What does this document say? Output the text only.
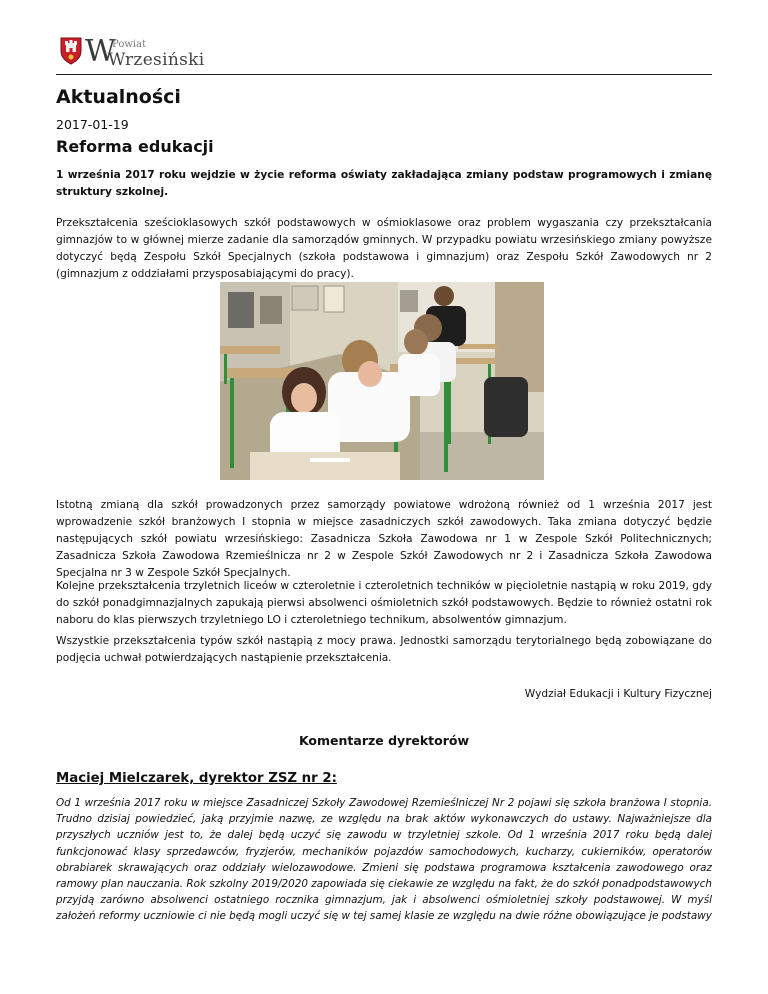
W
Powiat
Wrzesiński
Aktualności
2017-01-19
Reforma edukacji

1 września 2017 roku wejdzie w życie reforma oświaty zakładająca zmiany podstaw programowych i zmianę struktury szkolnej.

Przekształcenia sześcioklasowych szkół podstawowych w ośmioklasowe oraz problem wygaszania czy przekształcania gimnazjów to w głównej mierze zadanie dla samorządów gminnych. W przypadku powiatu wrzesińskiego zmiany powyższe dotyczyć będą Zespołu Szkół Specjalnych (szkoła podstawowa i gimnazjum) oraz Zespołu Szkół Zawodowych nr 2 (gimnazjum z oddziałami przysposabiającymi do pracy).

Istotną zmianą dla szkół prowadzonych przez samorządy powiatowe wdrożoną również od 1 września 2017 jest wprowadzenie szkół branżowych I stopnia w miejsce zasadniczych szkół zawodowych. Taka zmiana dotyczyć będzie następujących szkół powiatu wrzesińskiego: Zasadnicza Szkoła Zawodowa nr 1 w Zespole Szkół Politechnicznych; Zasadnicza Szkoła Zawodowa Rzemieślnicza nr 2 w Zespole Szkół Zawodowych nr 2 i Zasadnicza Szkoła Zawodowa Specjalna nr 3 w Zespole Szkół Specjalnych.

Kolejne przekształcenia trzyletnich liceów w czteroletnie i czteroletnich techników w pięcioletnie nastąpią w roku 2019, gdy do szkół ponadgimnazjalnych zapukają pierwsi absolwenci ośmioletnich szkół podstawowych. Będzie to również ostatni rok naboru do klas pierwszych trzyletniego LO i czteroletniego technikum, absolwentów gimnazjum.

Wszystkie przekształcenia typów szkół nastąpią z mocy prawa. Jednostki samorządu terytorialnego będą zobowiązane do podjęcia uchwał potwierdzających nastąpienie przekształcenia.

Wydział Edukacji i Kultury Fizycznej
Komentarze dyrektorów
Maciej Mielczarek, dyrektor ZSZ nr 2:

Od 1 września 2017 roku w miejsce Zasadniczej Szkoły Zawodowej Rzemieślniczej Nr 2 pojawi się szkoła branżowa I stopnia. Trudno dzisiaj powiedzieć, jaką przyjmie nazwę, ze względu na brak aktów wykonawczych do ustawy. Najważniejsze dla przyszłych uczniów jest to, że dalej będą uczyć się zawodu w trzyletniej szkole. Od 1 września 2017 roku będą dalej funkcjonować klasy sprzedawców, fryzjerów, mechaników pojazdów samochodowych, kucharzy, cukierników, operatorów obrabiarek skrawających oraz oddziały wielozawodowe. Zmieni się podstawa programowa kształcenia zawodowego oraz ramowy plan nauczania. Rok szkolny 2019/2020 zapowiada się ciekawie ze względu na fakt, że do szkół ponadpodstawowych przyjdą zarówno absolwenci ostatniego rocznika gimnazjum, jak i absolwenci ośmioletniej szkoły podstawowej. W myśl założeń reformy uczniowie ci nie będą mogli uczyć się w tej samej klasie ze względu na dwie różne obowiązujące je podstawy
